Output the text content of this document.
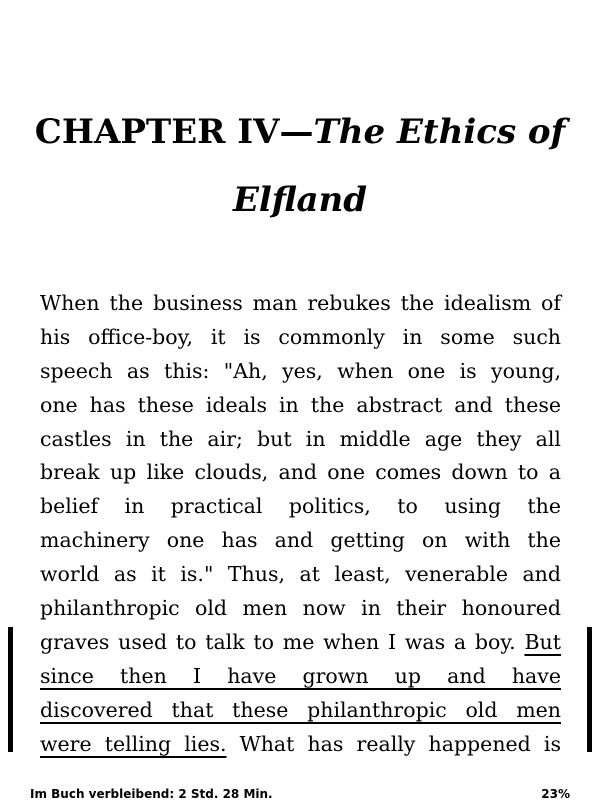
CHAPTER IV—The Ethics of
Elfland
When the business man rebukes the idealism of
his office-boy, it is commonly in some such
speech as this: "Ah, yes, when one is young,
one has these ideals in the abstract and these
castles in the air; but in middle age they all
break up like clouds, and one comes down to a
belief in practical politics, to using the
machinery one has and getting on with the
world as it is." Thus, at least, venerable and
philanthropic old men now in their honoured
graves used to talk to me when I was a boy. But
since then I have grown up and have
discovered that these philanthropic old men
were telling lies. What has really happened is
Im Buch verbleibend: 2 Std. 28 Min.	23%
